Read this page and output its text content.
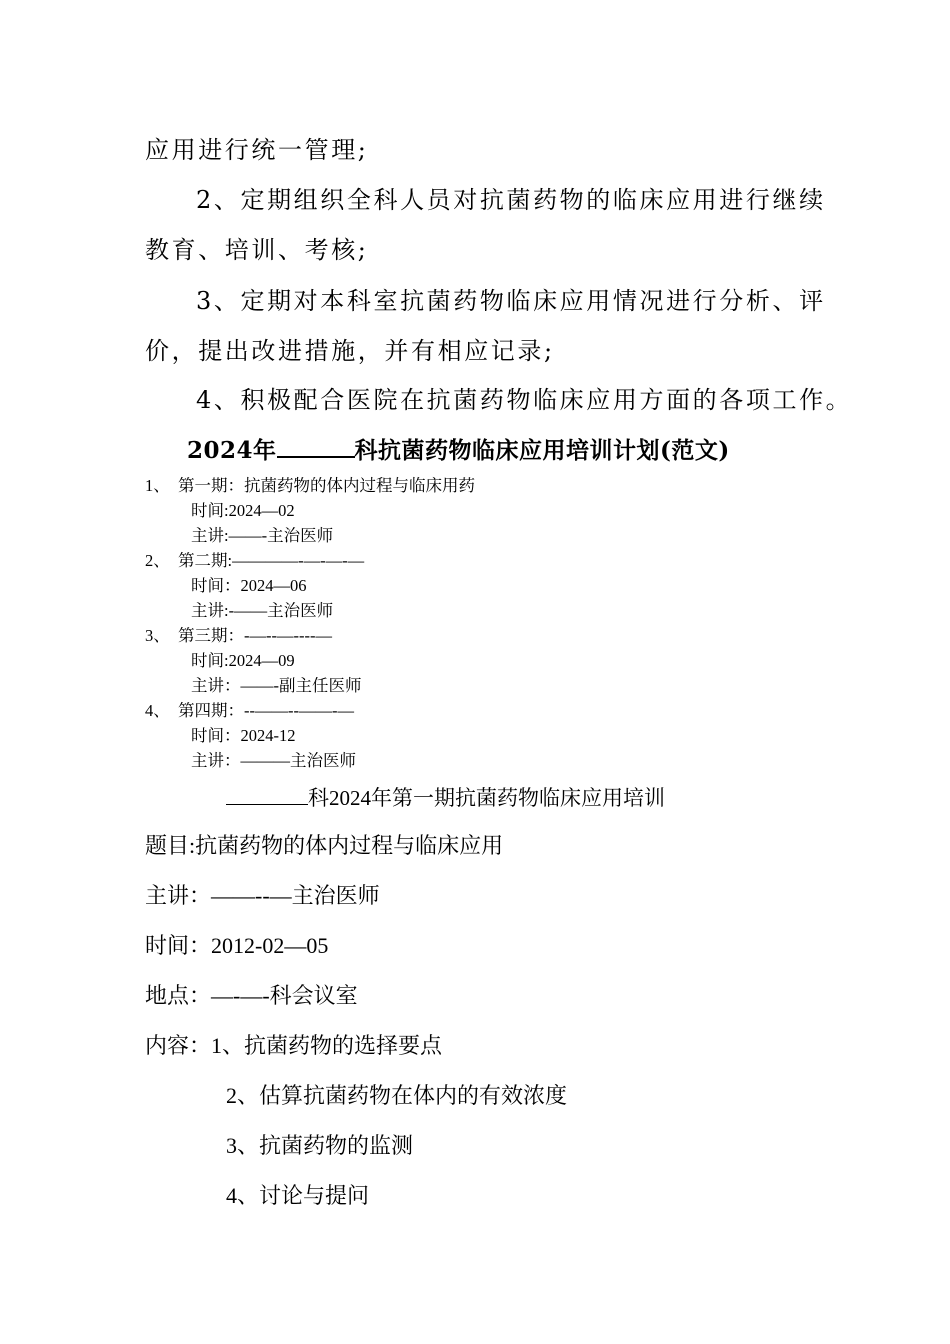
应用进行统一管理;
2、定期组织全科人员对抗菌药物的临床应用进行继续
教育、培训、考核;
3、定期对本科室抗菌药物临床应用情况进行分析、评
价，提出改进措施，并有相应记录;
4、积极配合医院在抗菌药物临床应用方面的各项工作。
2024年	科抗菌药物临床应用培训计划(范文)
1、 第一期：抗菌药物的体内过程与临床用药
时间:2024—02
主讲:——-主治医师
2、 第二期:————-—-—-—
时间：2024—06
主讲:-——主治医师
3、 第三期：-—--—----—
时间:2024—09
主讲：——-副主任医师
4、 第四期：--——--——-—
时间：2024-12
主讲：———主治医师
科2024年第一期抗菌药物临床应用培训
题目:抗菌药物的体内过程与临床应用
主讲：——--—主治医师
时间：2012-02—05
地点：—-—-科会议室
内容：1、抗菌药物的选择要点
2、估算抗菌药物在体内的有效浓度
3、抗菌药物的监测
4、讨论与提问
